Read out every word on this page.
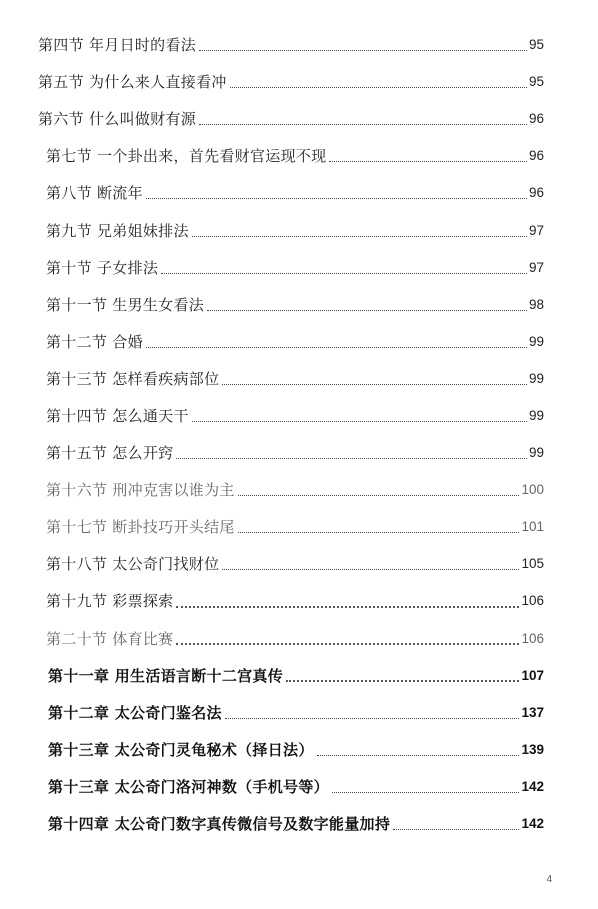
第四节 年月日时的看法	95
第五节 为什么来人直接看冲	95
第六节 什么叫做财有源	96
第七节 一个卦出来，首先看财官运现不现	96
第八节 断流年	96
第九节 兄弟姐妹排法	97
第十节 子女排法	97
第十一节 生男生女看法	98
第十二节 合婚	99
第十三节 怎样看疾病部位	99
第十四节 怎么通天干	99
第十五节 怎么开窍	99
第十六节 刑冲克害以谁为主	100
第十七节 断卦技巧开头结尾	101
第十八节 太公奇门找财位	105
第十九节 彩票探索	106
第二十节 体育比赛	106
第十一章 用生活语言断十二宫真传	107
第十二章 太公奇门鉴名法	137
第十三章 太公奇门灵龟秘术（择日法）	139
第十三章 太公奇门洛河神数（手机号等）	142
第十四章 太公奇门数字真传微信号及数字能量加持	142
4
